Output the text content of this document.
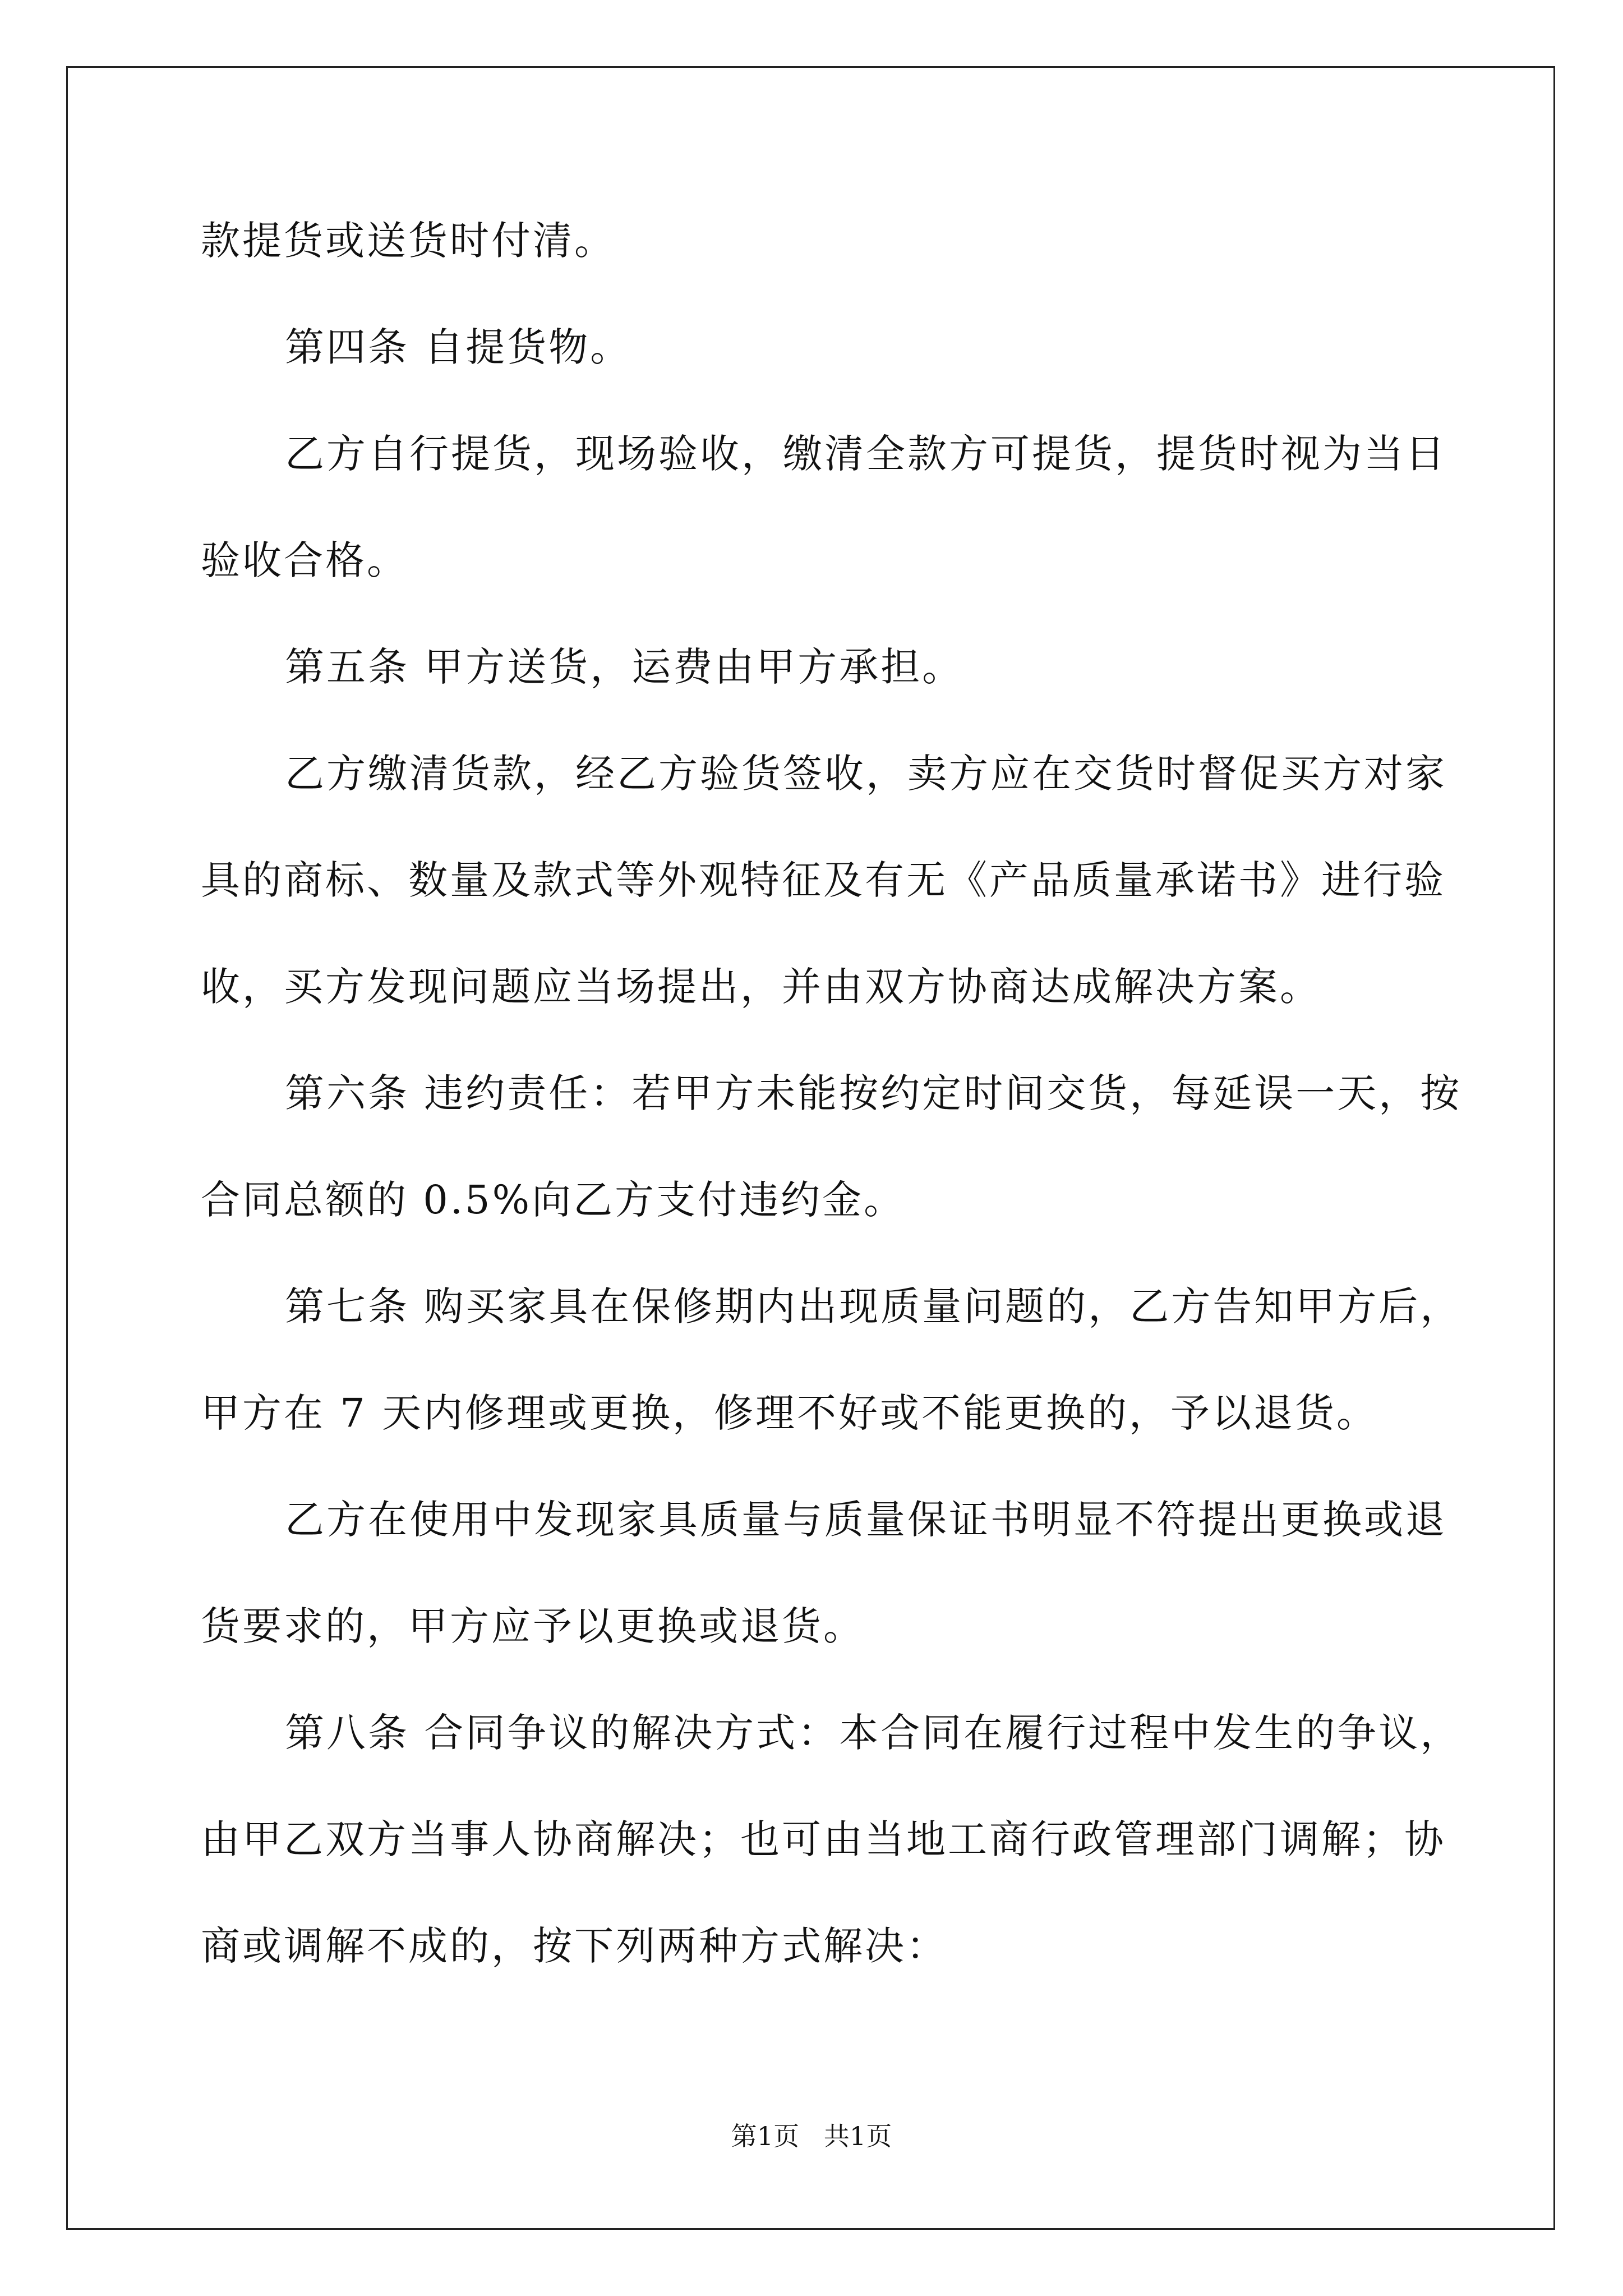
款提货或送货时付清。

第四条 自提货物。

乙方自行提货，现场验收，缴清全款方可提货，提货时视为当日

验收合格。

第五条 甲方送货，运费由甲方承担。

乙方缴清货款，经乙方验货签收，卖方应在交货时督促买方对家

具的商标、数量及款式等外观特征及有无《产品质量承诺书》进行验

收，买方发现问题应当场提出，并由双方协商达成解决方案。

第六条 违约责任：若甲方未能按约定时间交货，每延误一天，按

合同总额的 0.5%向乙方支付违约金。

第七条 购买家具在保修期内出现质量问题的，乙方告知甲方后，

甲方在 7 天内修理或更换，修理不好或不能更换的，予以退货。

乙方在使用中发现家具质量与质量保证书明显不符提出更换或退

货要求的，甲方应予以更换或退货。

第八条 合同争议的解决方式：本合同在履行过程中发生的争议，

由甲乙双方当事人协商解决；也可由当地工商行政管理部门调解；协

商或调解不成的，按下列两种方式解决：

第1页   共1页
